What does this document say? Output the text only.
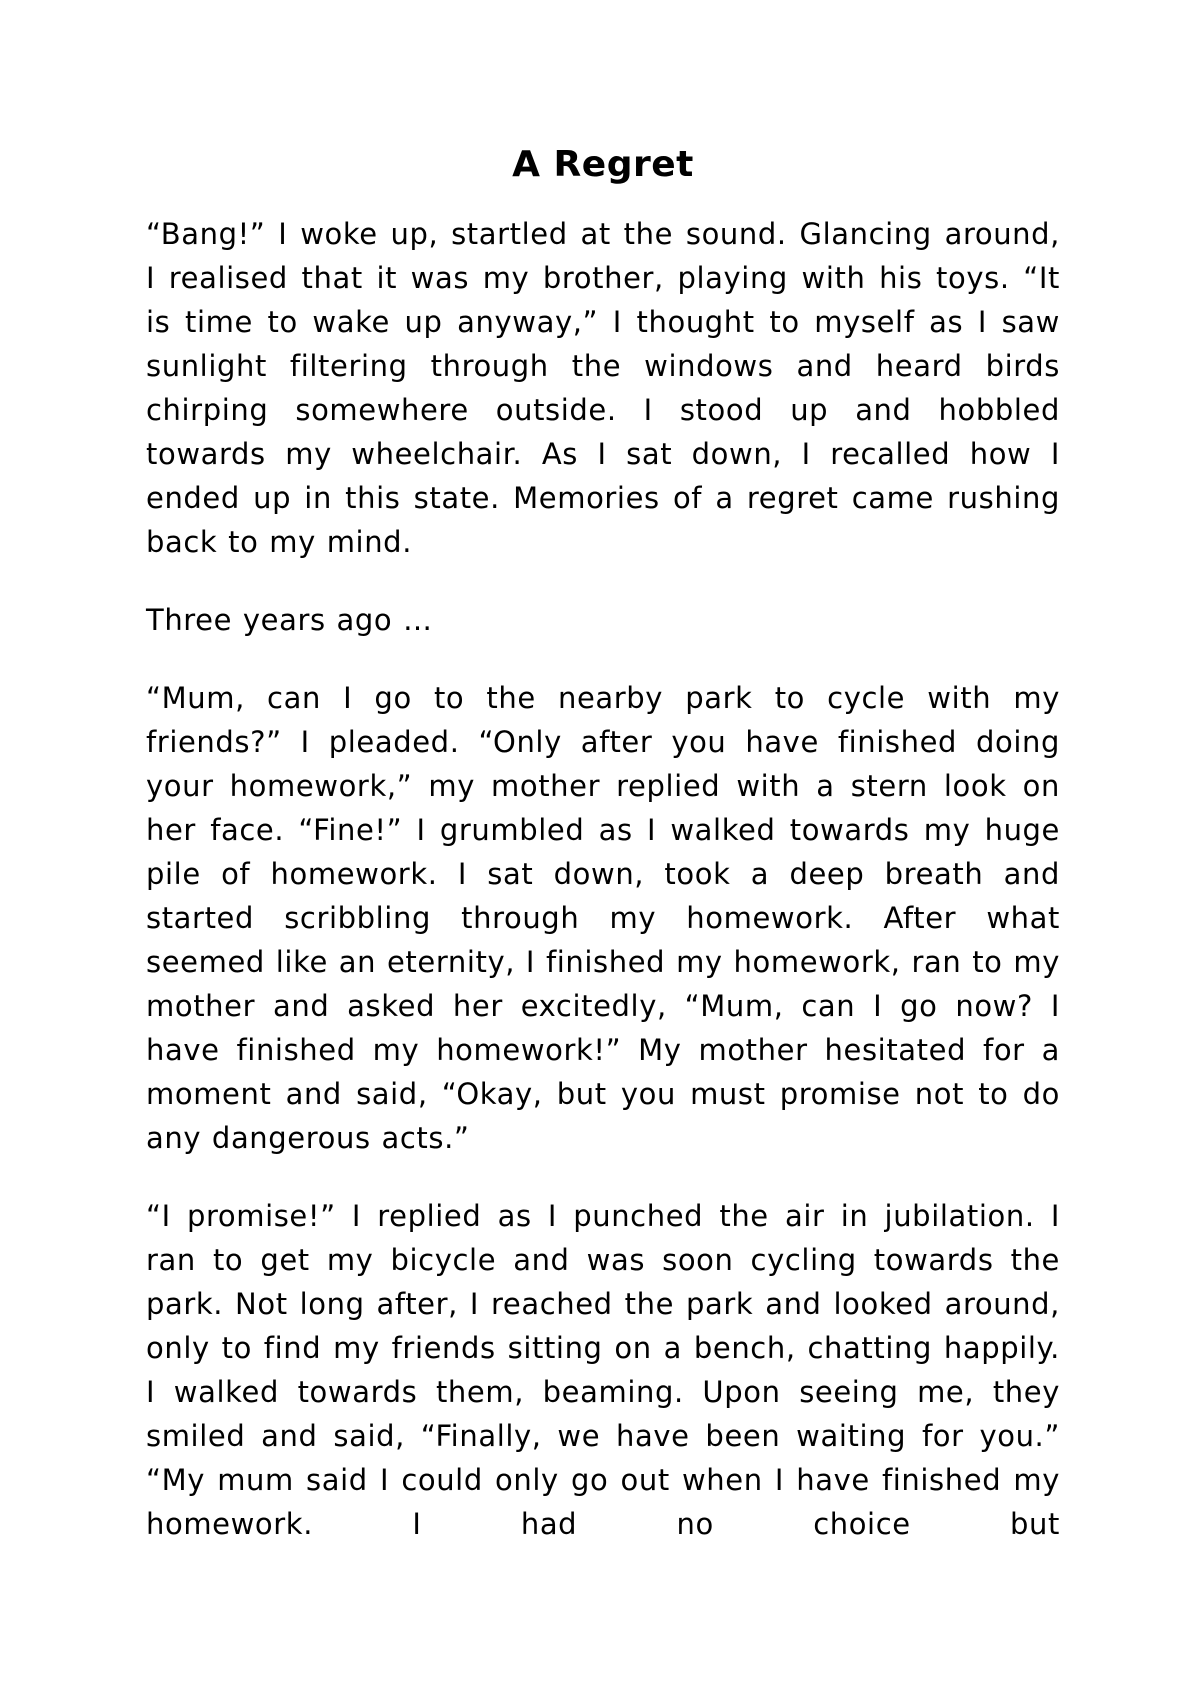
A Regret

“Bang!” I woke up, startled at the sound. Glancing around, I realised that it was my brother, playing with his toys. “It is time to wake up anyway,” I thought to myself as I saw sunlight filtering through the windows and heard birds chirping somewhere outside. I stood up and hobbled towards my wheelchair. As I sat down, I recalled how I ended up in this state. Memories of a regret came rushing back to my mind.

Three years ago …

“Mum, can I go to the nearby park to cycle with my friends?” I pleaded. “Only after you have finished doing your homework,” my mother replied with a stern look on her face. “Fine!” I grumbled as I walked towards my huge pile of homework. I sat down, took a deep breath and started scribbling through my homework. After what seemed like an eternity, I finished my homework, ran to my mother and asked her excitedly, “Mum, can I go now? I have finished my homework!” My mother hesitated for a moment and said, “Okay, but you must promise not to do any dangerous acts.”

“I promise!” I replied as I punched the air in jubilation. I ran to get my bicycle and was soon cycling towards the park. Not long after, I reached the park and looked around, only to find my friends sitting on a bench, chatting happily. I walked towards them, beaming. Upon seeing me, they smiled and said, “Finally, we have been waiting for you.” “My mum said I could only go out when I have finished my homework. I had no choice but
